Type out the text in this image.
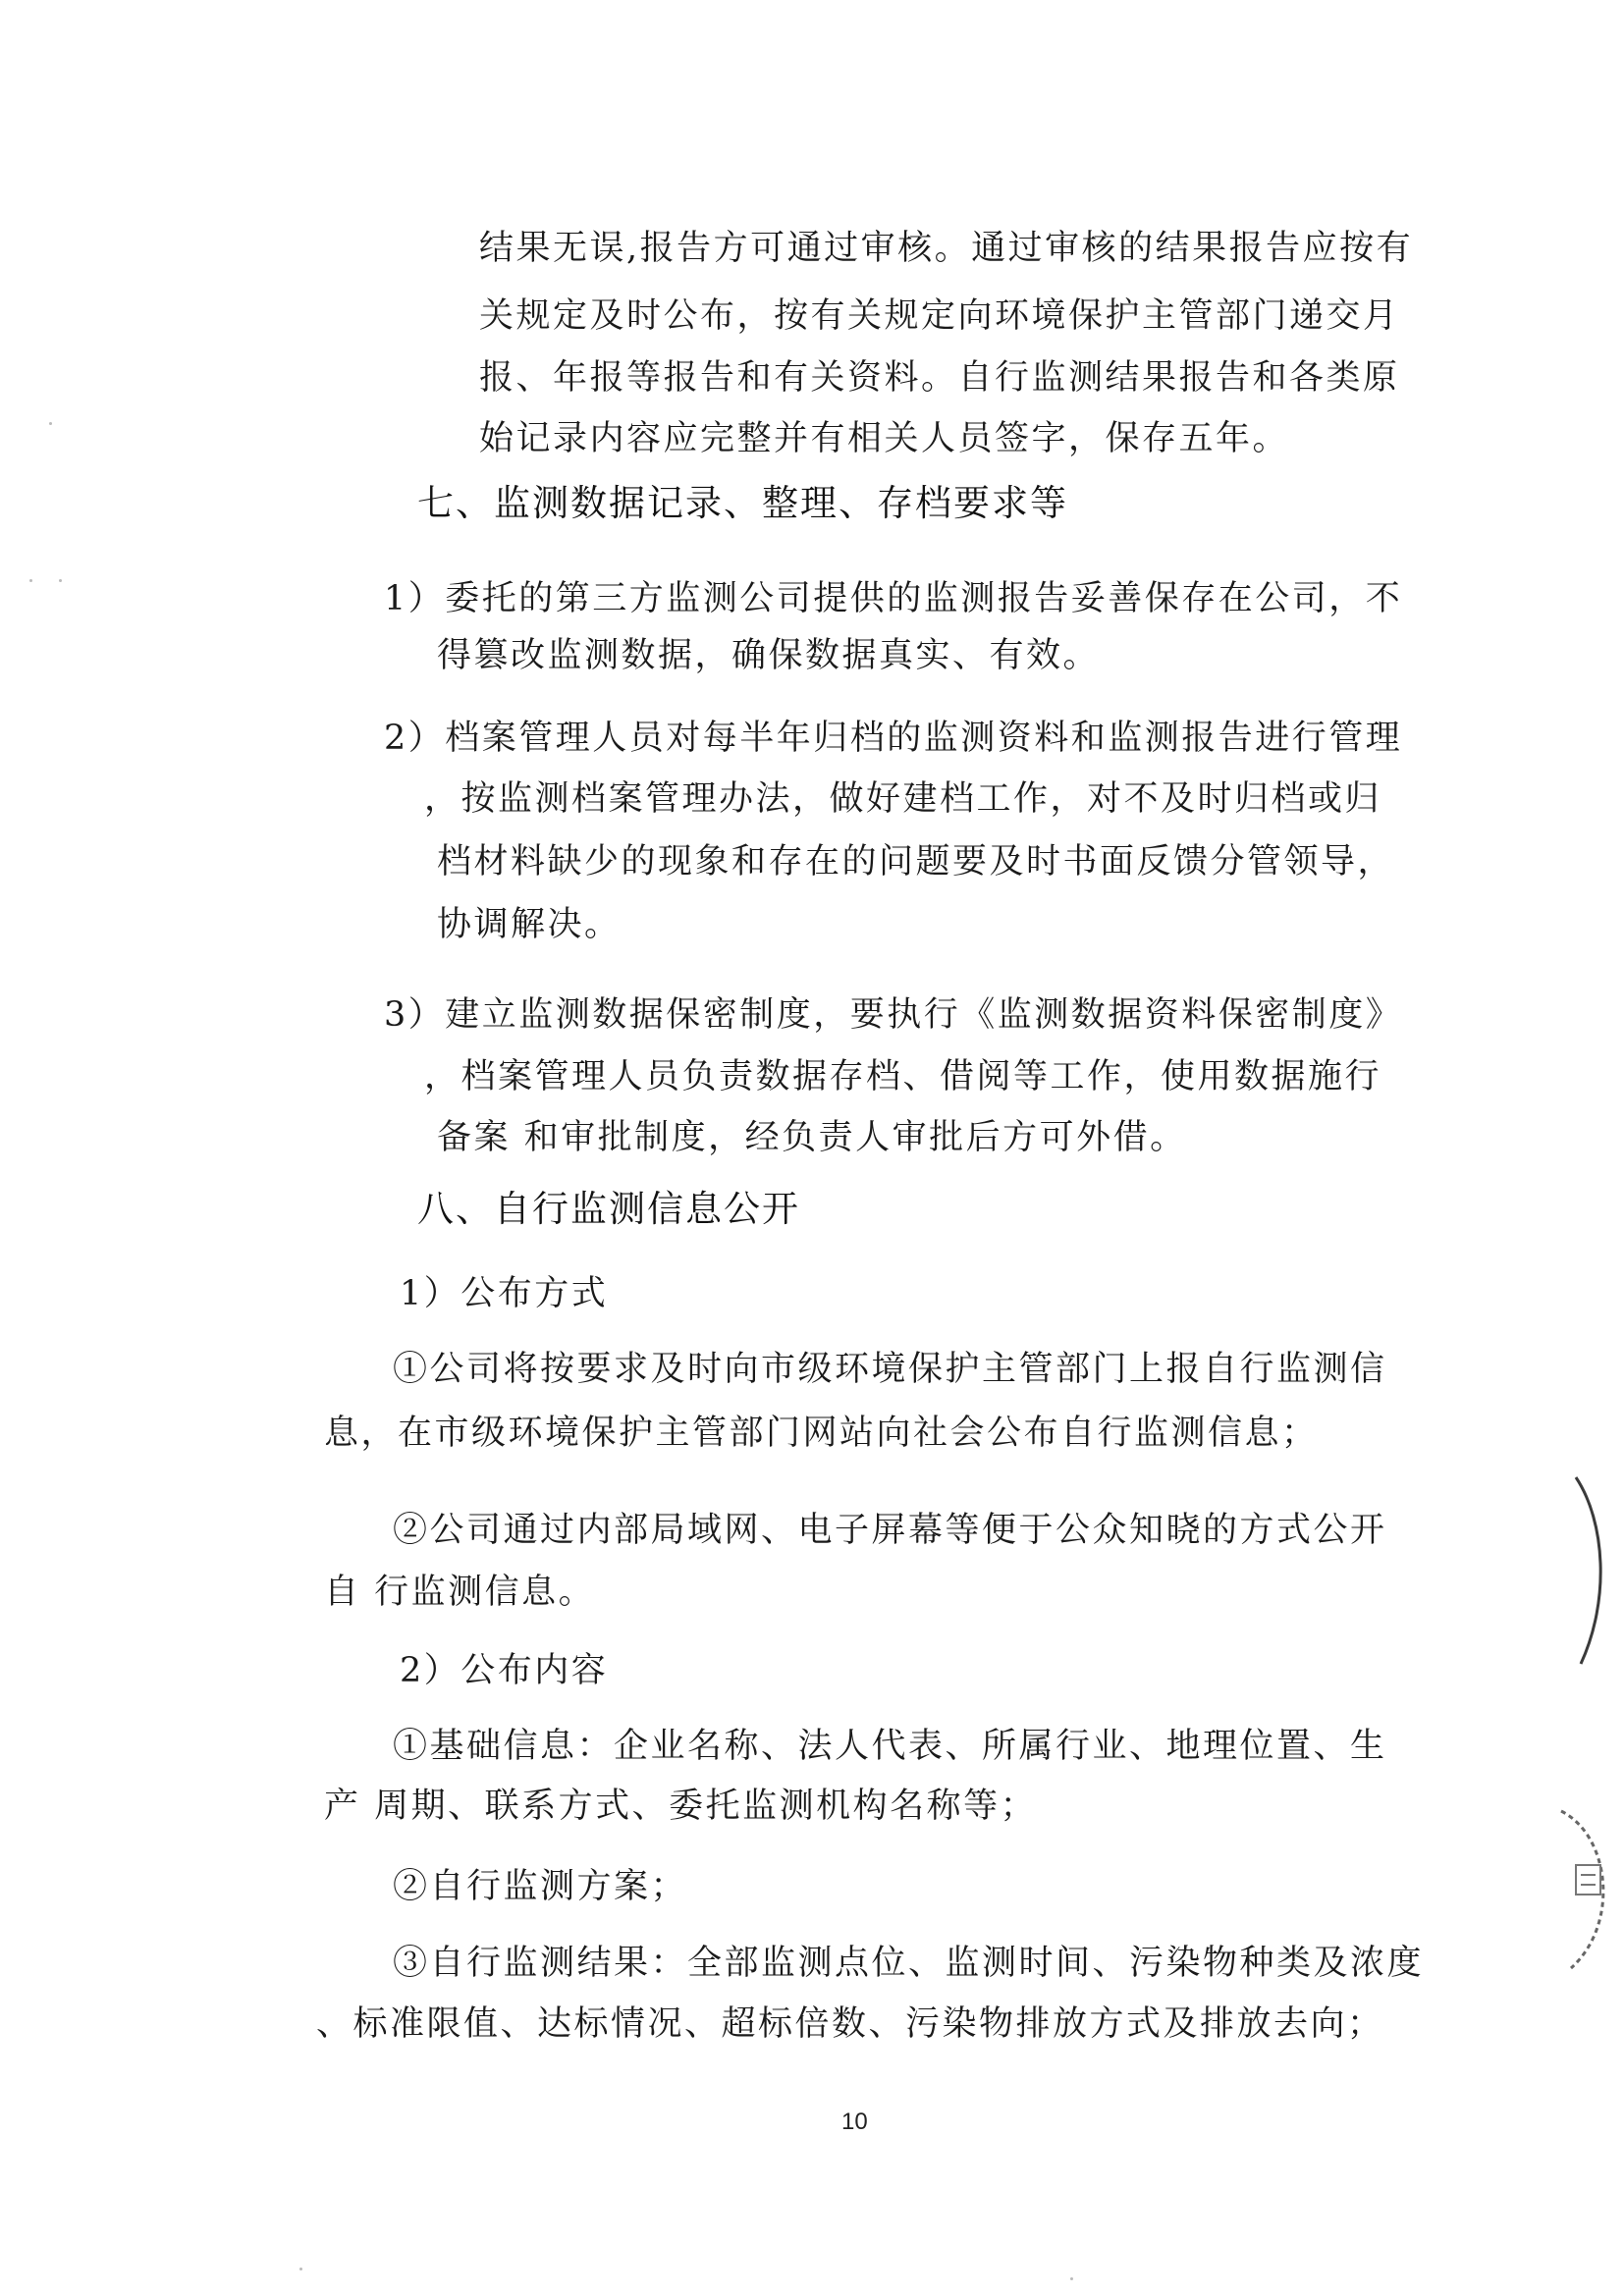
结果无误,报告方可通过审核。通过审核的结果报告应按有
关规定及时公布，按有关规定向环境保护主管部门递交月
报、年报等报告和有关资料。自行监测结果报告和各类原
始记录内容应完整并有相关人员签字，保存五年。
七、监测数据记录、整理、存档要求等
1）委托的第三方监测公司提供的监测报告妥善保存在公司，不
得篡改监测数据，确保数据真实、有效。
2）档案管理人员对每半年归档的监测资料和监测报告进行管理
，按监测档案管理办法，做好建档工作，对不及时归档或归
档材料缺少的现象和存在的问题要及时书面反馈分管领导，
协调解决。
3）建立监测数据保密制度，要执行《监测数据资料保密制度》
，档案管理人员负责数据存档、借阅等工作，使用数据施行
备案 和审批制度，经负责人审批后方可外借。
八、自行监测信息公开
1）公布方式
①公司将按要求及时向市级环境保护主管部门上报自行监测信
息，在市级环境保护主管部门网站向社会公布自行监测信息；
②公司通过内部局域网、电子屏幕等便于公众知晓的方式公开
自 行监测信息。
2）公布内容
①基础信息：企业名称、法人代表、所属行业、地理位置、生
产 周期、联系方式、委托监测机构名称等；
②自行监测方案；
③自行监测结果：全部监测点位、监测时间、污染物种类及浓度
、标准限值、达标情况、超标倍数、污染物排放方式及排放去向；
10
